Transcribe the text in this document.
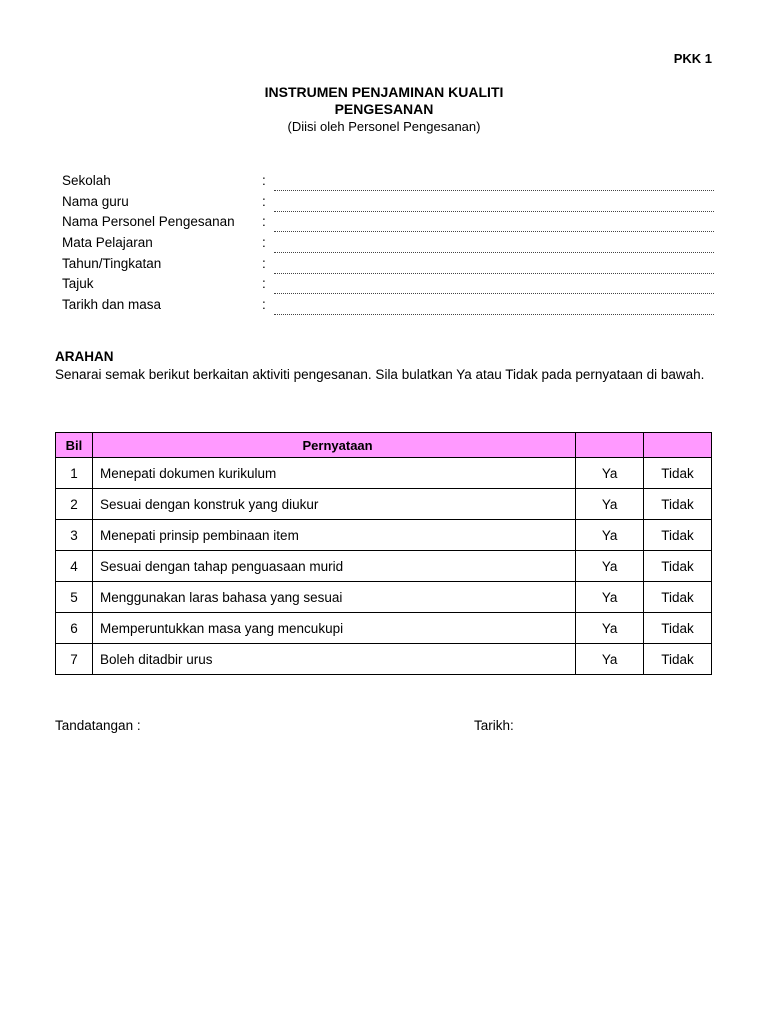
PKK 1
INSTRUMEN PENJAMINAN KUALITI
PENGESANAN
(Diisi oleh Personel Pengesanan)
Sekolah	:
Nama guru	:
Nama Personel Pengesanan :
Mata Pelajaran	:
Tahun/Tingkatan	:
Tajuk	:
Tarikh dan masa	:
ARAHAN
Senarai semak berikut berkaitan aktiviti pengesanan. Sila bulatkan Ya atau Tidak pada pernyataan di bawah.
Bil	Pernyataan		
1	Menepati dokumen kurikulum	Ya	Tidak
2	Sesuai dengan konstruk yang diukur	Ya	Tidak
3	Menepati prinsip pembinaan item	Ya	Tidak
4	Sesuai dengan tahap penguasaan murid	Ya	Tidak
5	Menggunakan laras bahasa yang sesuai	Ya	Tidak
6	Memperuntukkan masa yang mencukupi	Ya	Tidak
7	Boleh ditadbir urus	Ya	Tidak
Tandatangan :	Tarikh:
